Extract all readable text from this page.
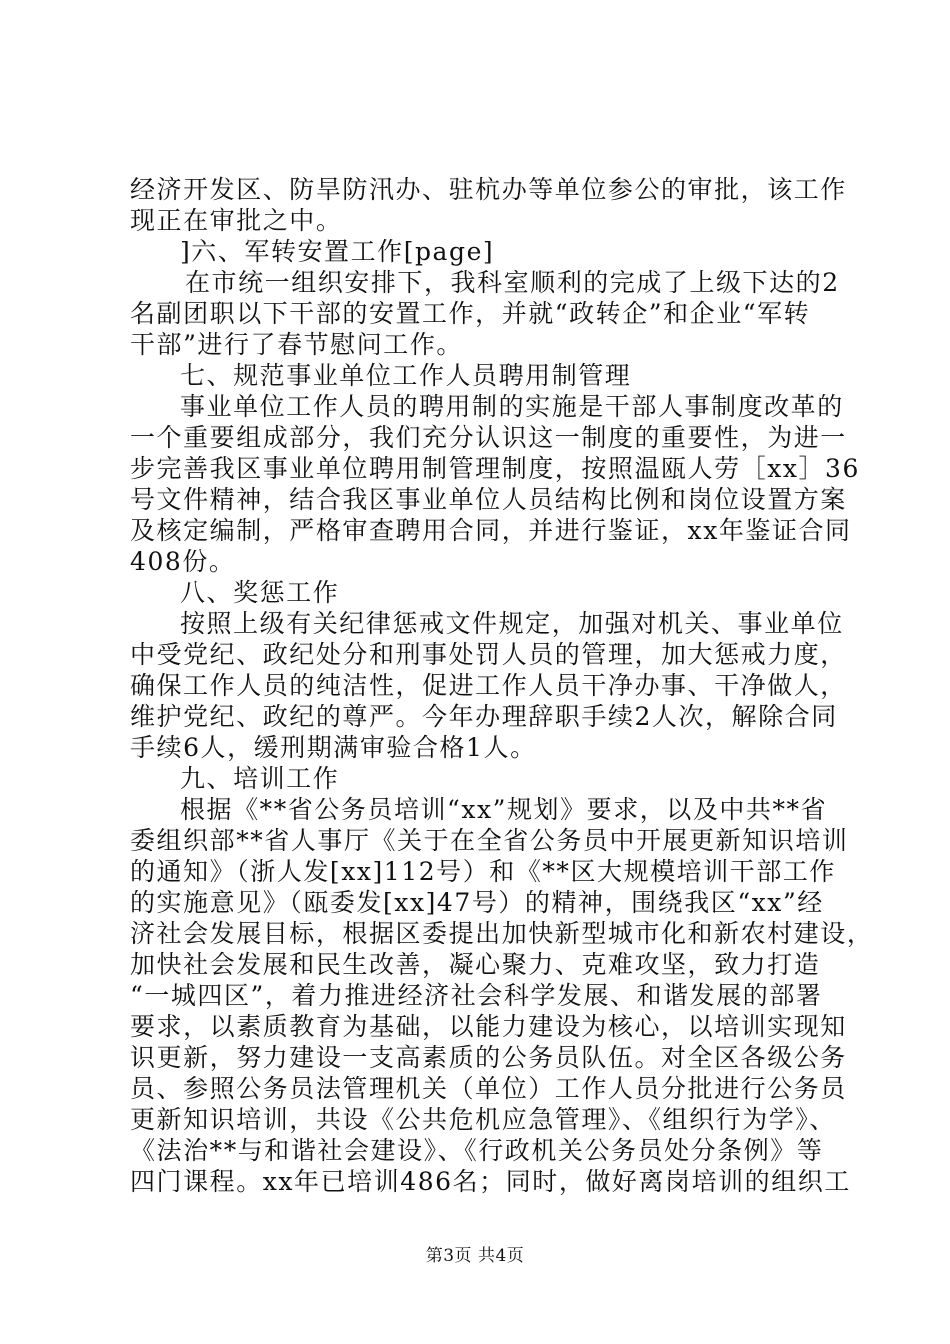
经济开发区、防旱防汛办、驻杭办等单位参公的审批，该工作
现正在审批之中。
]六、军转安置工作[page]
在市统一组织安排下，我科室顺利的完成了上级下达的2
名副团职以下干部的安置工作，并就“政转企”和企业“军转
干部”进行了春节慰问工作。
七、规范事业单位工作人员聘用制管理
事业单位工作人员的聘用制的实施是干部人事制度改革的
一个重要组成部分，我们充分认识这一制度的重要性，为进一
步完善我区事业单位聘用制管理制度，按照温瓯人劳［xx］36
号文件精神，结合我区事业单位人员结构比例和岗位设置方案
及核定编制，严格审查聘用合同，并进行鉴证，xx年鉴证合同
408份。
八、奖惩工作
按照上级有关纪律惩戒文件规定，加强对机关、事业单位
中受党纪、政纪处分和刑事处罚人员的管理，加大惩戒力度，
确保工作人员的纯洁性，促进工作人员干净办事、干净做人，
维护党纪、政纪的尊严。今年办理辞职手续2人次，解除合同
手续6人，缓刑期满审验合格1人。
九、培训工作
根据《**省公务员培训“xx”规划》要求，以及中共**省
委组织部**省人事厅《关于在全省公务员中开展更新知识培训
的通知》（浙人发[xx]112号）和《**区大规模培训干部工作
的实施意见》（瓯委发[xx]47号）的精神，围绕我区“xx”经
济社会发展目标，根据区委提出加快新型城市化和新农村建设，
加快社会发展和民生改善，凝心聚力、克难攻坚，致力打造
“一城四区”，着力推进经济社会科学发展、和谐发展的部署
要求，以素质教育为基础，以能力建设为核心，以培训实现知
识更新，努力建设一支高素质的公务员队伍。对全区各级公务
员、参照公务员法管理机关（单位）工作人员分批进行公务员
更新知识培训，共设《公共危机应急管理》、《组织行为学》、
《法治**与和谐社会建设》、《行政机关公务员处分条例》等
四门课程。xx年已培训486名；同时，做好离岗培训的组织工
第3页 共4页
